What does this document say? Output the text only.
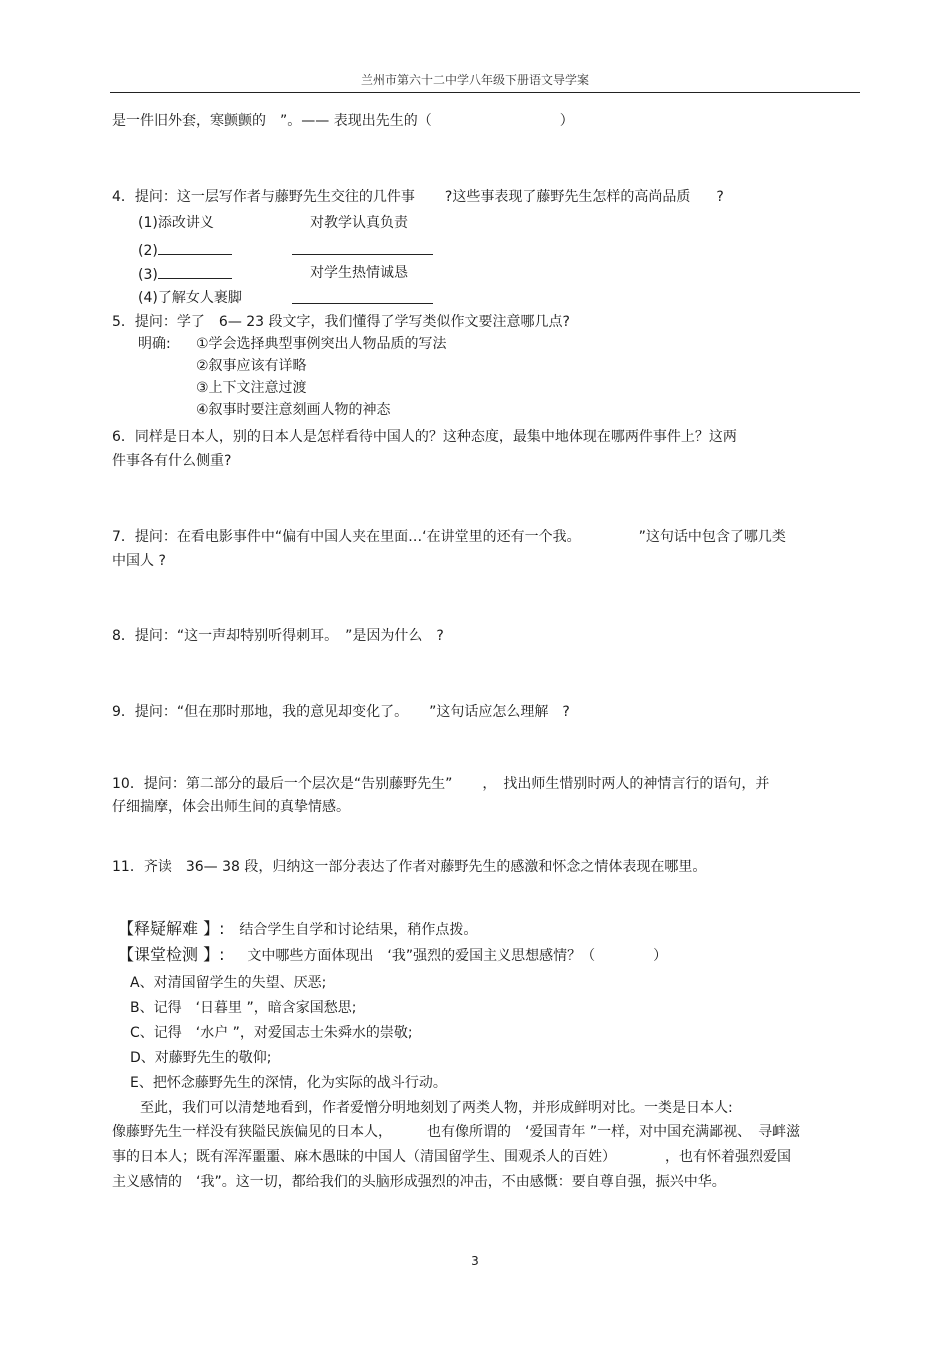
兰州市第六十二中学八年级下册语文导学案
是一件旧外套，寒颤颤的　”。—— 表现出先生的（	）
4．提问：这一层写作者与藤野先生交往的几件事 ?这些事表现了藤野先生怎样的高尚品质 ?
(1)添改讲义	对教学认真负责
(2)
(3)	对学生热情诚恳
(4)了解女人裹脚
5．提问：学了　6— 23 段文字，我们懂得了学写类似作文要注意哪几点?
明确: ①学会选择典型事例突出人物品质的写法
②叙事应该有详略
③上下文注意过渡
④叙事时要注意刻画人物的神态
6．同样是日本人，别的日本人是怎样看待中国人的？这种态度，最集中地体现在哪两件事件上？这两
件事各有什么侧重?
7．提问：在看电影事件中“偏有中国人夹在里面…‘在讲堂里的还有一个我。	”这句话中包含了哪几类
中国人 ?
8．提问：“这一声却特别听得刺耳。　”是因为什么　?
9．提问：“但在那时那地，我的意见却变化了。　　”这句话应怎么理解　?
10．提问：第二部分的最后一个层次是“告别藤野先生” ，　找出师生惜别时两人的神情言行的语句，并
仔细揣摩，体会出师生间的真挚情感。
11．齐读　36— 38 段，归纳这一部分表达了作者对藤野先生的感激和怀念之情体表现在哪里。
【释疑解难 】: 结合学生自学和讨论结果，稍作点拨。
【课堂检测 】: 文中哪些方面体现出　‘我”强烈的爱国主义思想感情？（	）
A、对清国留学生的失望、厌恶;
B、记得　‘日暮里 ”，暗含家国愁思;
C、记得　‘水户 ”，对爱国志士朱舜水的崇敬;
D、对藤野先生的敬仰;
E、把怀念藤野先生的深情，化为实际的战斗行动。
至此，我们可以清楚地看到，作者爱憎分明地刻划了两类人物，并形成鲜明对比。一类是日本人:
像藤野先生一样没有狭隘民族偏见的日本人，　　　也有像所谓的　‘爱国青年 ”一样，对中国充满鄙视、　寻衅滋
事的日本人；既有浑浑噩噩、麻木愚昧的中国人（清国留学生、围观杀人的百姓）　　　　，也有怀着强烈爱国
主义感情的　‘我”。这一切，都给我们的头脑形成强烈的冲击，不由感慨：要自尊自强，振兴中华。
3
